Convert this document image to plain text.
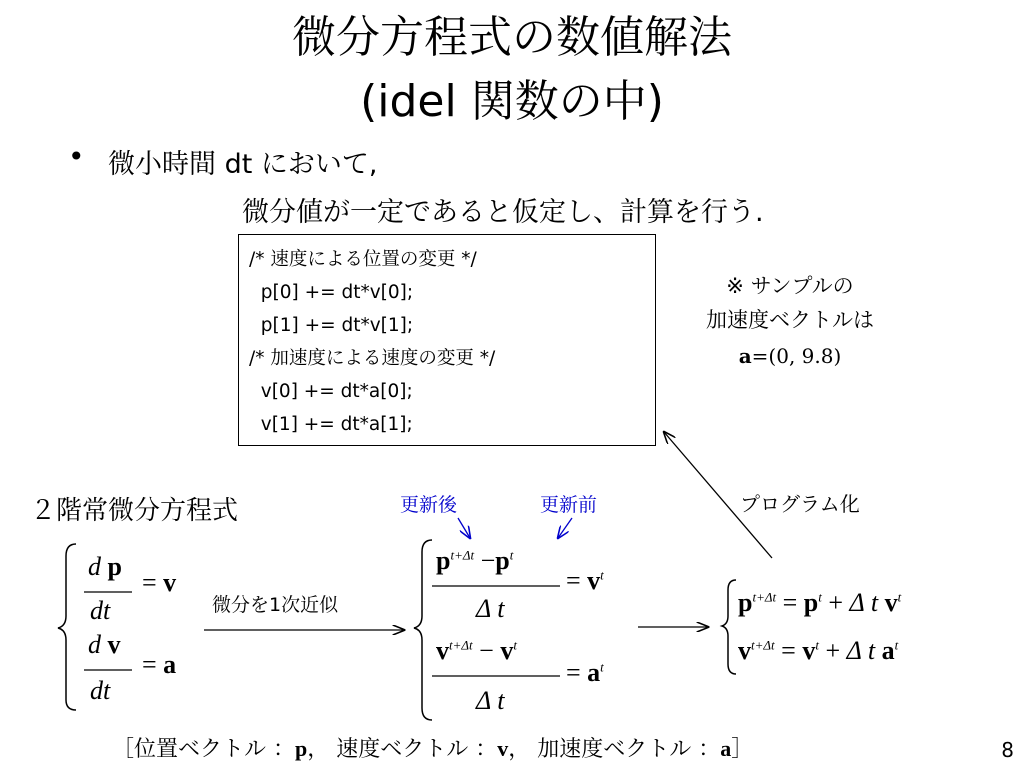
微分方程式の数値解法
(idel 関数の中)
• 微小時間 dt において,
微分値が一定であると仮定し、計算を行う.
/* 速度による位置の変更 */
p[0] += dt*v[0];
p[1] += dt*v[1];
/* 加速度による速度の変更 */
v[0] += dt*a[0];
v[1] += dt*a[1];
※ サンプルの
加速度ベクトルは
a=(0, 9.8)
２階常微分方程式	更新後	更新前	プログラム化
微分を1次近似
d p
= v
dt
d v
= a
dt
$p^{t+\Delta t} -p^t$
= $v^t$
Δ t
$v^{t+\Delta t} - v^t$
= $a^t$
Δ t
$p^{t+\Delta t} = p^t + \Delta$ t $v^t$
$v^{t+\Delta t} = v^t + \Delta$ t $a^t$
［位置ベクトル ：p， 速度ベクトル ：v， 加速度ベクトル ：a］	8
